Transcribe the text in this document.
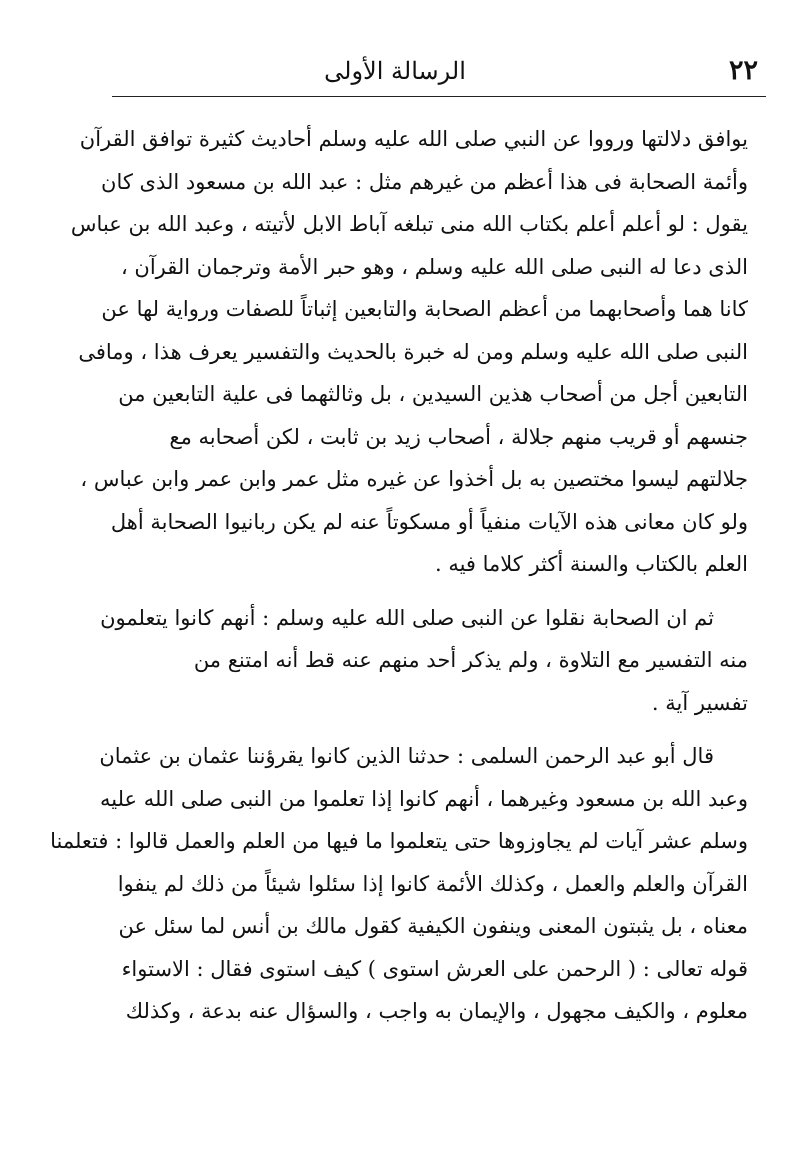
٢٢
الرسالة الأولى

يوافق دلالتها ورووا عن النبي صلى الله عليه وسلم أحاديث كثيرة توافق القرآن
وأئمة الصحابة فى هذا أعظم من غيرهم مثل : عبد الله بن مسعود الذى كان
يقول : لو أعلم أعلم بكتاب الله منى تبلغه آباط الابل لأتيته ، وعبد الله بن عباس
الذى دعا له النبى صلى الله عليه وسلم ، وهو حبر الأمة وترجمان القرآن ،
كانا هما وأصحابهما من أعظم الصحابة والتابعين إثباتاً للصفات ورواية لها عن
النبى صلى الله عليه وسلم ومن له خبرة بالحديث والتفسير يعرف هذا ، ومافى
التابعين أجل من أصحاب هذين السيدين ، بل وثالثهما فى علية التابعين من
جنسهم أو قريب منهم جلالة ، أصحاب زيد بن ثابت ، لكن أصحابه مع
جلالتهم ليسوا مختصين به بل أخذوا عن غيره مثل عمر وابن عمر وابن عباس ،
ولو كان معانى هذه الآيات منفياً أو مسكوتاً عنه لم يكن ربانيوا الصحابة أهل
العلم بالكتاب والسنة أكثر كلاما فيه .

ثم ان الصحابة نقلوا عن النبى صلى الله عليه وسلم : أنهم كانوا يتعلمون
منه التفسير مع التلاوة ، ولم يذكر أحد منهم عنه قط أنه امتنع من
تفسير آية .

قال أبو عبد الرحمن السلمى : حدثنا الذين كانوا يقرؤننا عثمان بن عثمان
وعبد الله بن مسعود وغيرهما ، أنهم كانوا إذا تعلموا من النبى صلى الله عليه
وسلم عشر آيات لم يجاوزوها حتى يتعلموا ما فيها من العلم والعمل قالوا : فتعلمنا
القرآن والعلم والعمل ، وكذلك الأئمة كانوا إذا سئلوا شيئاً من ذلك لم ينفوا
معناه ، بل يثبتون المعنى وينفون الكيفية كقول مالك بن أنس لما سئل عن
قوله تعالى : ( الرحمن على العرش استوى ) كيف استوى فقال : الاستواء
معلوم ، والكيف مجهول ، والإيمان به واجب ، والسؤال عنه بدعة ، وكذلك
